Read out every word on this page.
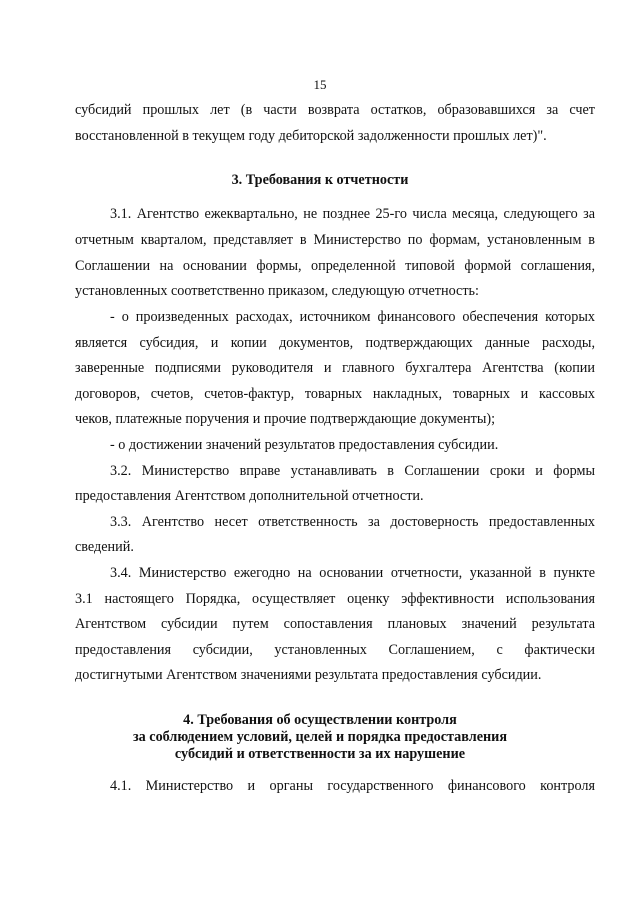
15
субсидий прошлых лет (в части возврата остатков, образовавшихся за счет
восстановленной в текущем году дебиторской задолженности прошлых лет)".
3. Требования к отчетности
3.1. Агентство ежеквартально, не позднее 25-го числа месяца, следующего за
отчетным кварталом, представляет в Министерство по формам, установленным в
Соглашении на основании формы, определенной типовой формой соглашения,
установленных соответственно приказом, следующую отчетность:
- о произведенных расходах, источником финансового обеспечения которых
является субсидия, и копии документов, подтверждающих данные расходы,
заверенные подписями руководителя и главного бухгалтера Агентства (копии
договоров, счетов, счетов-фактур, товарных накладных, товарных и кассовых
чеков, платежные поручения и прочие подтверждающие документы);
- о достижении значений результатов предоставления субсидии.
3.2. Министерство вправе устанавливать в Соглашении сроки и формы
предоставления Агентством дополнительной отчетности.
3.3. Агентство несет ответственность за достоверность предоставленных
сведений.
3.4. Министерство ежегодно на основании отчетности, указанной в пункте
3.1 настоящего Порядка, осуществляет оценку эффективности использования
Агентством субсидии путем сопоставления плановых значений результата
предоставления субсидии, установленных Соглашением, с фактически
достигнутыми Агентством значениями результата предоставления субсидии.
4. Требования об осуществлении контроля
за соблюдением условий, целей и порядка предоставления
субсидий и ответственности за их нарушение
4.1. Министерство и органы государственного финансового контроля
